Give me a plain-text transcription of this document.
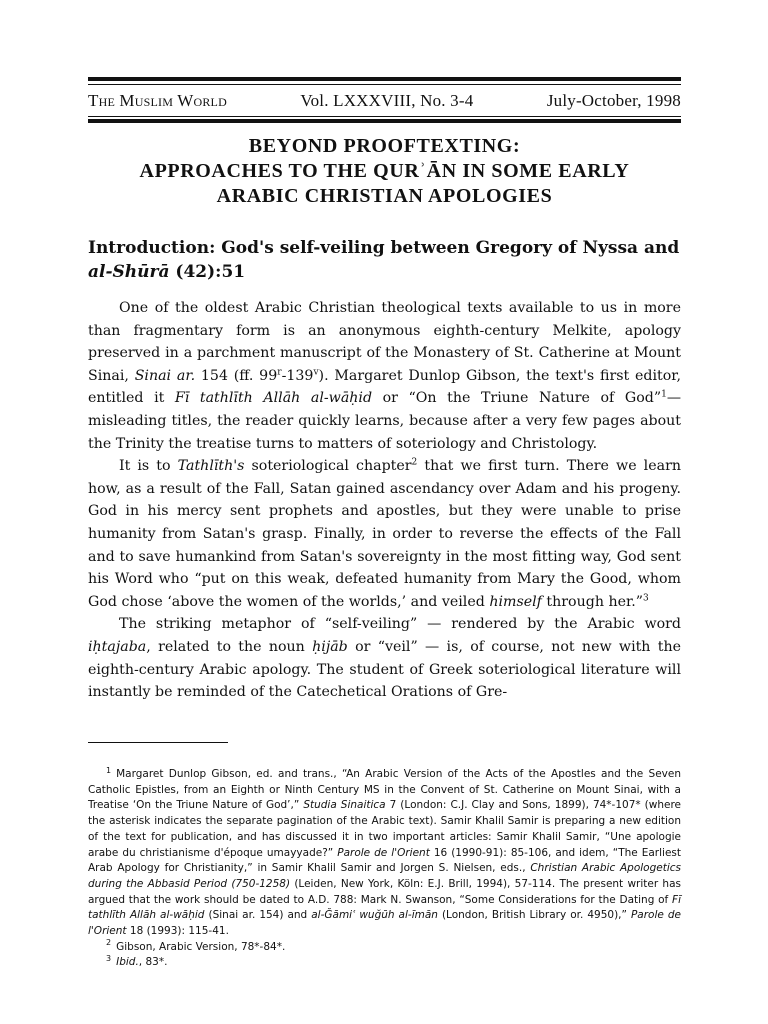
The Muslim World	Vol. LXXXVIII, No. 3-4	July-October, 1998
BEYOND PROOFTEXTING:
APPROACHES TO THE QURʾĀN IN SOME EARLY
ARABIC CHRISTIAN APOLOGIES
Introduction: God's self-veiling between Gregory of Nyssa and al-Shūrā (42):51

One of the oldest Arabic Christian theological texts available to us in more than fragmentary form is an anonymous eighth-century Melkite, apology preserved in a parchment manuscript of the Monastery of St. Catherine at Mount Sinai, Sinai ar. 154 (ff. 99$^r$-139$^v$). Margaret Dunlop Gibson, the text's first editor, entitled it Fī tathlīth Allāh al-wāḥid or “On the Triune Nature of God”$^1$—misleading titles, the reader quickly learns, because after a very few pages about the Trinity the treatise turns to matters of soteriology and Christology.

It is to Tathlīth's soteriological chapter$^2$ that we first turn. There we learn how, as a result of the Fall, Satan gained ascendancy over Adam and his progeny. God in his mercy sent prophets and apostles, but they were unable to prise humanity from Satan's grasp. Finally, in order to reverse the effects of the Fall and to save humankind from Satan's sovereignty in the most fitting way, God sent his Word who “put on this weak, defeated humanity from Mary the Good, whom God chose ‘above the women of the worlds,’ and veiled himself through her.”$^3$

The striking metaphor of “self-veiling” — rendered by the Arabic word iḥtajaba, related to the noun ḥijāb or “veil” — is, of course, not new with the eighth-century Arabic apology. The student of Greek soteriological literature will instantly be reminded of the Catechetical Orations of Gre-

$^1$ Margaret Dunlop Gibson, ed. and trans., “An Arabic Version of the Acts of the Apostles and the Seven Catholic Epistles, from an Eighth or Ninth Century MS in the Convent of St. Catherine on Mount Sinai, with a Treatise ‘On the Triune Nature of God’,” Studia Sinaitica 7 (London: C.J. Clay and Sons, 1899), 74*-107* (where the asterisk indicates the separate pagination of the Arabic text). Samir Khalil Samir is preparing a new edition of the text for publication, and has discussed it in two important articles: Samir Khalil Samir, “Une apologie arabe du christianisme d'époque umayyade?” Parole de l'Orient 16 (1990-91): 85-106, and idem, “The Earliest Arab Apology for Christianity,” in Samir Khalil Samir and Jorgen S. Nielsen, eds., Christian Arabic Apologetics during the Abbasid Period (750-1258) (Leiden, New York, Köln: E.J. Brill, 1994), 57-114. The present writer has argued that the work should be dated to A.D. 788: Mark N. Swanson, “Some Considerations for the Dating of Fī tathlīth Allāh al-wāḥid (Sinai ar. 154) and al-Ğāmiʿ wuğūh al-īmān (London, British Library or. 4950),” Parole de l'Orient 18 (1993): 115-41.

$^2$ Gibson, Arabic Version, 78*-84*.

$^3$ Ibid., 83*.
